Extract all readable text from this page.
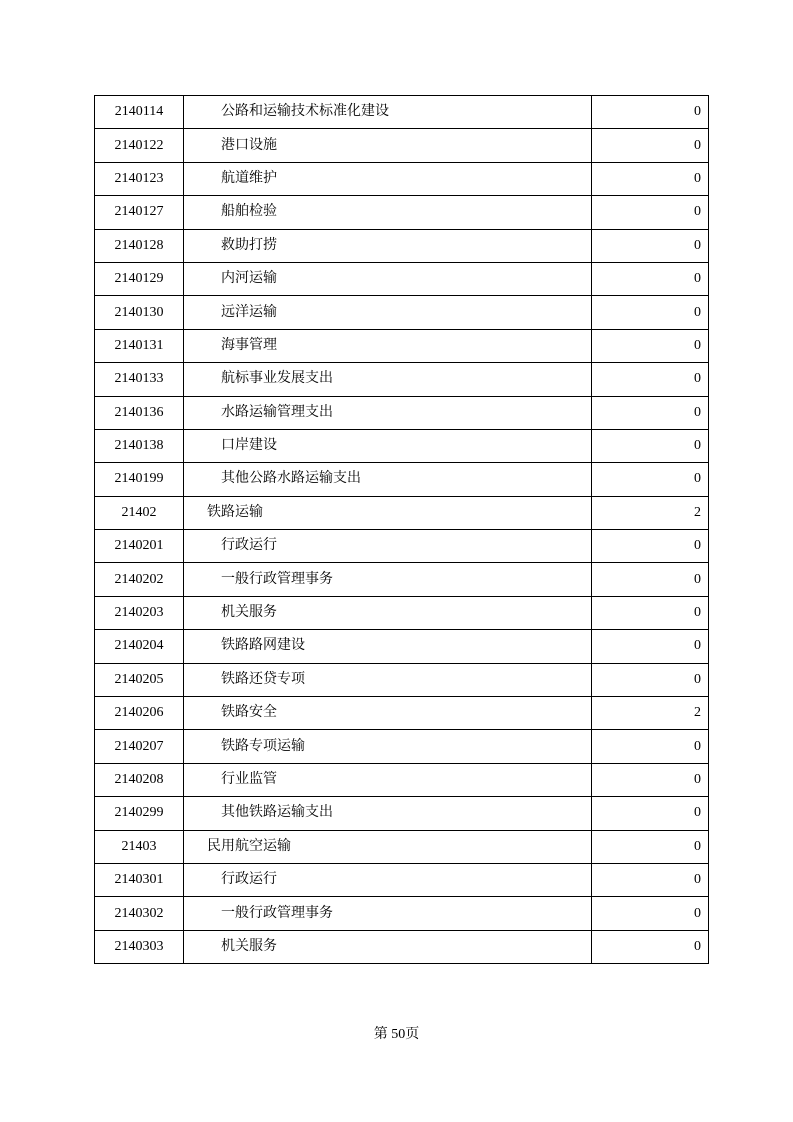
2140114	公路和运输技术标准化建设	0
2140122	港口设施	0
2140123	航道维护	0
2140127	船舶检验	0
2140128	救助打捞	0
2140129	内河运输	0
2140130	远洋运输	0
2140131	海事管理	0
2140133	航标事业发展支出	0
2140136	水路运输管理支出	0
2140138	口岸建设	0
2140199	其他公路水路运输支出	0
21402	铁路运输	2
2140201	行政运行	0
2140202	一般行政管理事务	0
2140203	机关服务	0
2140204	铁路路网建设	0
2140205	铁路还贷专项	0
2140206	铁路安全	2
2140207	铁路专项运输	0
2140208	行业监管	0
2140299	其他铁路运输支出	0
21403	民用航空运输	0
2140301	行政运行	0
2140302	一般行政管理事务	0
2140303	机关服务	0
第 50页
